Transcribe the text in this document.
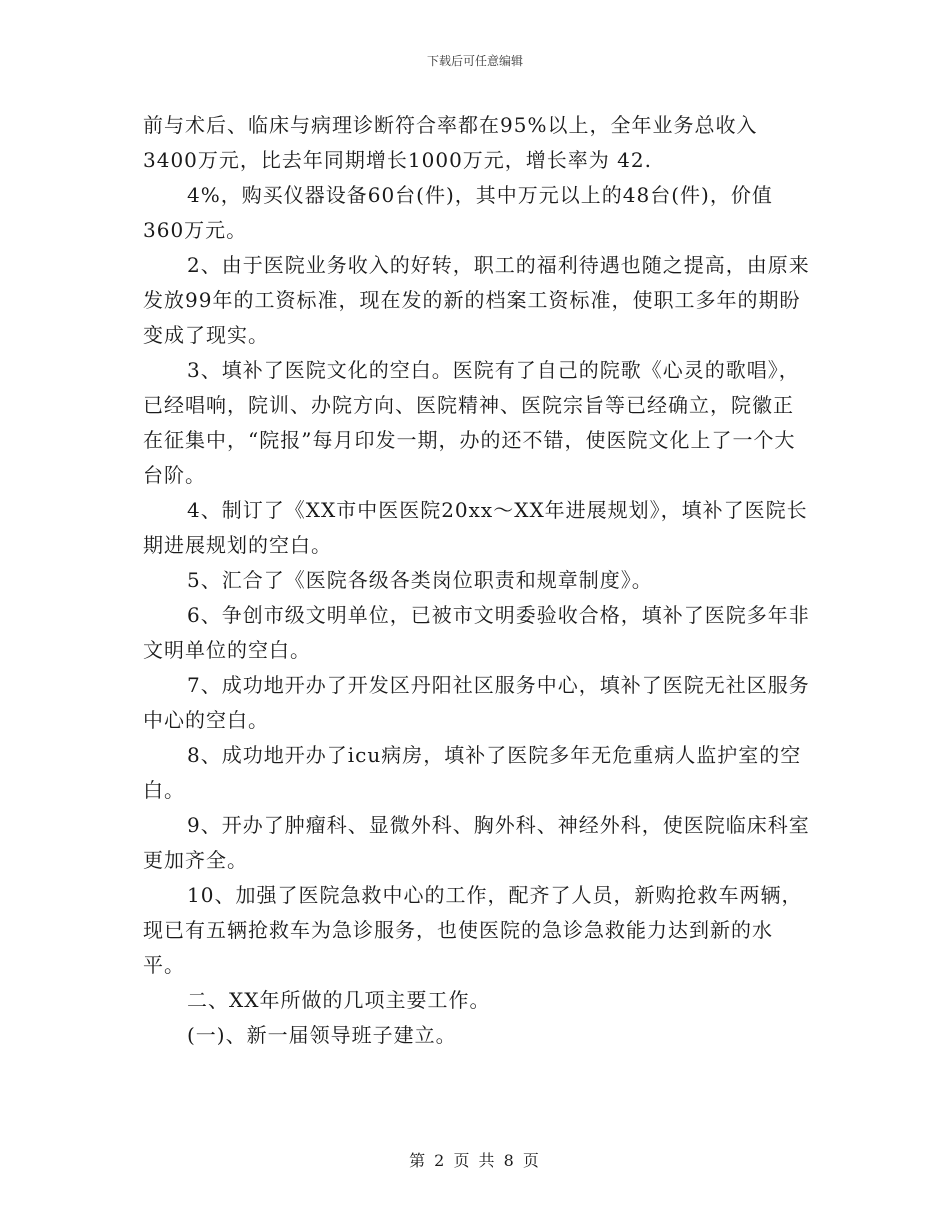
下载后可任意编辑

前与术后、临床与病理诊断符合率都在95%以上，全年业务总收入3400万元，比去年同期增长1000万元，增长率为 42.

4%，购买仪器设备60台(件)，其中万元以上的48台(件)，价值360万元。

2、由于医院业务收入的好转，职工的福利待遇也随之提高，由原来发放99年的工资标准，现在发的新的档案工资标准，使职工多年的期盼变成了现实。

3、填补了医院文化的空白。医院有了自己的院歌《心灵的歌唱》，已经唱响，院训、办院方向、医院精神、医院宗旨等已经确立，院徽正在征集中，“院报”每月印发一期，办的还不错，使医院文化上了一个大台阶。

4、制订了《XX市中医医院20xx～XX年进展规划》，填补了医院长期进展规划的空白。

5、汇合了《医院各级各类岗位职责和规章制度》。

6、争创市级文明单位，已被市文明委验收合格，填补了医院多年非文明单位的空白。

7、成功地开办了开发区丹阳社区服务中心，填补了医院无社区服务中心的空白。

8、成功地开办了icu病房，填补了医院多年无危重病人监护室的空白。

9、开办了肿瘤科、显微外科、胸外科、神经外科，使医院临床科室更加齐全。

10、加强了医院急救中心的工作，配齐了人员，新购抢救车两辆，现已有五辆抢救车为急诊服务，也使医院的急诊急救能力达到新的水平。

二、XX年所做的几项主要工作。

(一)、新一届领导班子建立。

第 2 页 共 8 页
